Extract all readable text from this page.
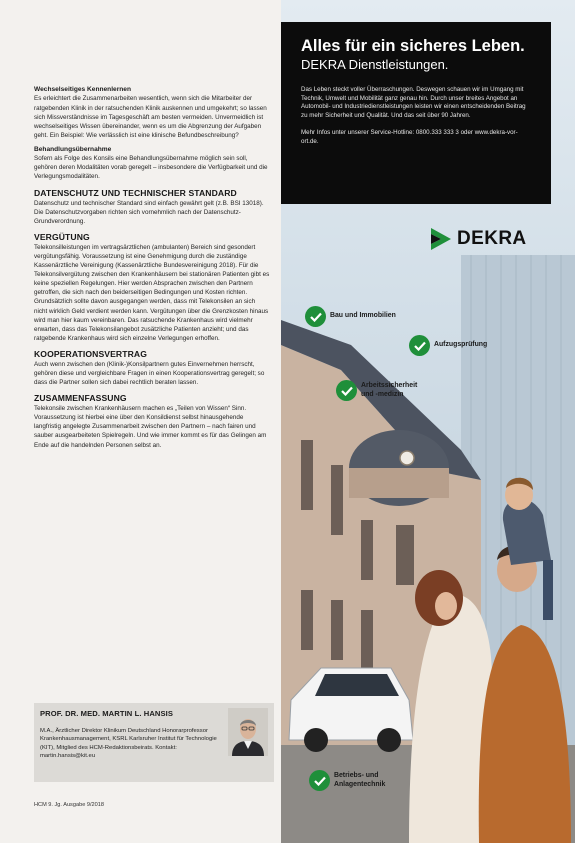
Wechselseitiges Kennenlernen

Es erleichtert die Zusammenarbeiten wesentlich, wenn sich die Mitarbeiter der ratgebenden Klinik in der ratsuchenden Klinik auskennen und umgekehrt; so lassen sich Missverständnisse im Tagesgeschäft am besten vermeiden. Unvermeidlich ist wechselseitiges Wissen übereinander, wenn es um die Abgrenzung der Aufgaben geht. Ein Beispiel: Wie verlässlich ist eine klinische Befundbeschreibung?

Behandlungsübernahme

Sofern als Folge des Konsils eine Behandlungsübernahme möglich sein soll, gehören deren Modalitäten vorab geregelt – insbesondere die Verfügbarkeit und die Verlegungsmodalitäten.

DATENSCHUTZ UND TECHNISCHER STANDARD

Datenschutz und technischer Standard sind einfach gewährt gelt (z.B. BSI 13018). Die Datenschutzvorgaben richten sich vornehmlich nach der Datenschutz-Grundverordnung.

VERGÜTUNG

Telekonsilleistungen im vertragsärztlichen (ambulanten) Bereich sind gesondert vergütungsfähig. Voraussetzung ist eine Genehmigung durch die zuständige Kassenärztliche Vereinigung (Kassenärztliche Bundesvereinigung 2018). Für die Telekonsilvergütung zwischen den Krankenhäusern bei stationären Patienten gibt es keine speziellen Regelungen. Hier werden Absprachen zwischen den Partnern getroffen, die sich nach den beiderseitigen Bedingungen und Kosten richten. Grundsätzlich sollte davon ausgegangen werden, dass mit Telekonsilen an sich nicht wirklich Geld verdient werden kann. Vergütungen über die Grenzkosten hinaus wird man hier kaum vereinbaren. Das ratsuchende Krankenhaus wird vielmehr erwarten, dass das Telekonsilangebot zusätzliche Patienten anzieht; und das ratgebende Krankenhaus wird sich einzelne Verlegungen erhoffen.

KOOPERATIONSVERTRAG

Auch wenn zwischen den (Klinik-)Konsilpartnern gutes Einvernehmen herrscht, gehören diese und vergleichbare Fragen in einen Kooperationsvertrag geregelt; so dass die Partner sollen sich dabei rechtlich beraten lassen.

ZUSAMMENFASSUNG

Telekonsile zwischen Krankenhäusern machen es „Teilen von Wissen“ Sinn. Voraussetzung ist hierbei eine über den Konsildienst selbst hinausgehende langfristig angelegte Zusammenarbeit zwischen den Partnern – nach fairen und sauber ausgearbeiteten Spielregeln. Und wie immer kommt es für das Gelingen am Ende auf die handelnden Personen selbst an.

PROF. DR. MED. MARTIN L. HANSIS
M.A., Ärztlicher Direktor Klinikum Deutschland Honorarprofessor Krankenhausmanagement, KSRL Karlsruher Institut für Technologie (KIT), Mitglied des HCM-Redaktionsbeirats. Kontakt: martin.hansis@kit.eu
HCM 9. Jg. Ausgabe 9/2018
Alles für ein sicheres Leben.
DEKRA Dienstleistungen.
Das Leben steckt voller Überraschungen. Deswegen schauen wir im Umgang mit Technik, Umwelt und Mobilität ganz genau hin. Durch unser breites Angebot an Automobil- und Industriedienstleistungen leisten wir einen entscheidenden Beitrag zu mehr Sicherheit und Qualität. Und das seit über 90 Jahren.
Mehr Infos unter unserer Service-Hotline: 0800.333 333 3 oder www.dekra-vor-ort.de.
DEKRA
Bau und Immobilien
Aufzugsprüfung
Arbeitssicherheit und -medizin
Betriebs- und Anlagentechnik
